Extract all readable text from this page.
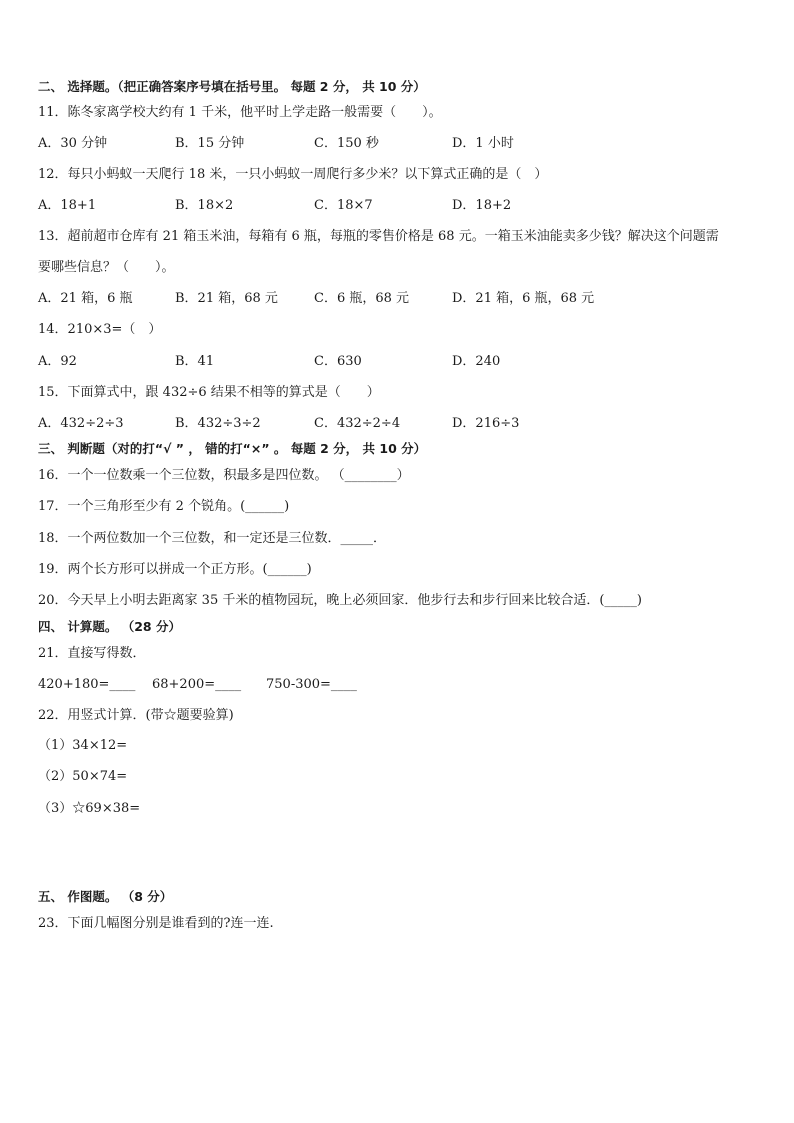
二、 选择题。（把正确答案序号填在括号里。 每题 2 分， 共 10 分）
11．陈冬家离学校大约有 1 千米，他平时上学走路一般需要（　　）。
A．30 分钟	B．15 分钟	C．150 秒	D．1 小时
12．每只小蚂蚁一天爬行 18 米，一只小蚂蚁一周爬行多少米？以下算式正确的是（　）
A．18+1	B．18×2	C．18×7	D．18+2
13．超前超市仓库有 21 箱玉米油，每箱有 6 瓶，每瓶的零售价格是 68 元。一箱玉米油能卖多少钱？解决这个问题需
要哪些信息？（　　）。
A．21 箱，6 瓶	B．21 箱，68 元	C．6 瓶，68 元	D．21 箱，6 瓶，68 元
14．210×3=（　）
A．92	B．41	C．630	D．240
15．下面算式中，跟 432÷6 结果不相等的算式是（　　）
A．432÷2÷3	B．432÷3÷2	C．432÷2÷4	D．216÷3
三、 判断题（对的打“√ ” ， 错的打“×” 。 每题 2 分， 共 10 分）
16．一个一位数乘一个三位数，积最多是四位数。 （________）
17．一个三角形至少有 2 个锐角。(______)
18．一个两位数加一个三位数，和一定还是三位数．_____．
19．两个长方形可以拼成一个正方形。(______)
20．今天早上小明去距离家 35 千米的植物园玩，晚上必须回家．他步行去和步行回来比较合适．(_____)
四、 计算题。 （28 分）
21．直接写得数．
420+180=____ 68+200=____ 750-300=____
22．用竖式计算．(带☆题要验算)
（1）34×12=
（2）50×74=
（3）☆69×38=
五、 作图题。 （8 分）
23．下面几幅图分别是谁看到的?连一连.
